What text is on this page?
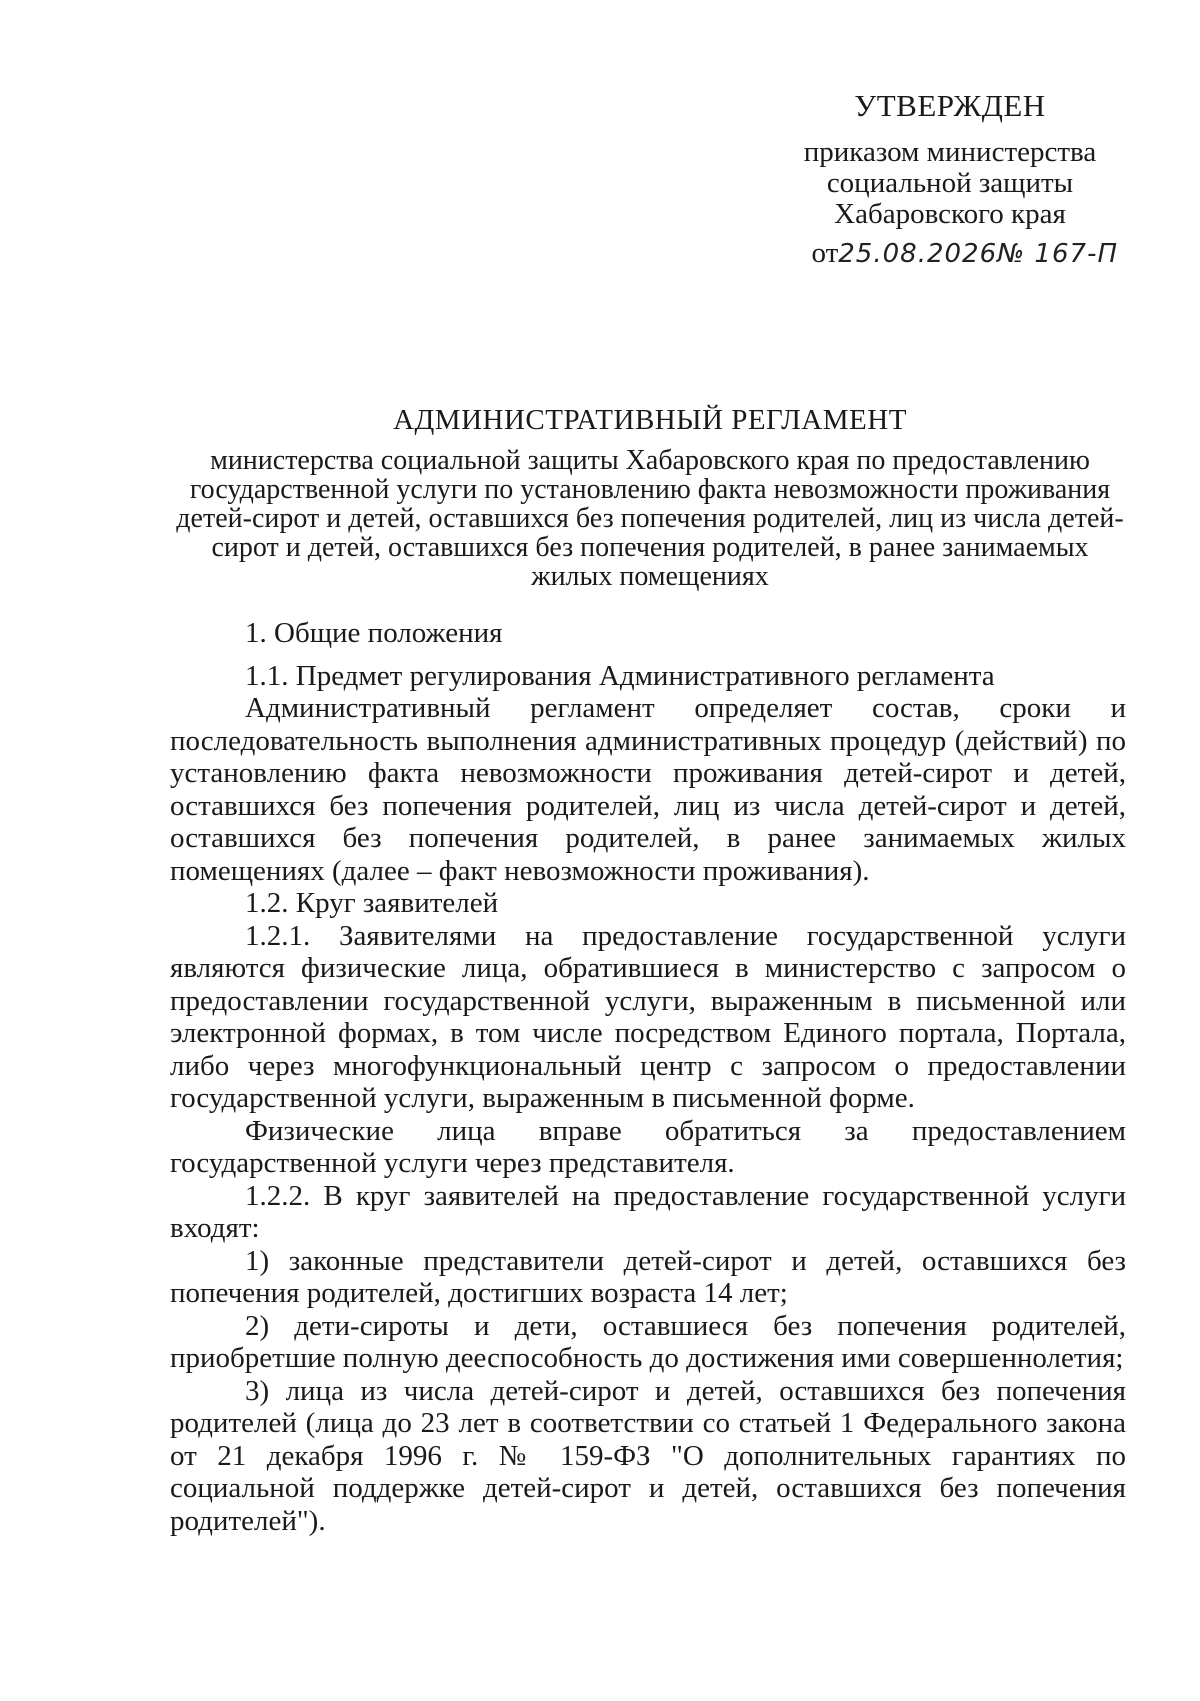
УТВЕРЖДЕН
приказом министерства
социальной защиты
Хабаровского края
от25.08.2026№ 167-П
АДМИНИСТРАТИВНЫЙ РЕГЛАМЕНТ
министерства социальной защиты Хабаровского края по предоставлению государственной услуги по установлению факта невозможности проживания детей-сирот и детей, оставшихся без попечения родителей, лиц из числа детей-сирот и детей, оставшихся без попечения родителей, в ранее занимаемых жилых помещениях

1. Общие положения

1.1. Предмет регулирования Административного регламента

Административный регламент определяет состав, сроки и последовательность выполнения административных процедур (действий) по установлению факта невозможности проживания детей-сирот и детей, оставшихся без попечения родителей, лиц из числа детей-сирот и детей, оставшихся без попечения родителей, в ранее занимаемых жилых помещениях (далее – факт невозможности проживания).

1.2. Круг заявителей

1.2.1. Заявителями на предоставление государственной услуги являются физические лица, обратившиеся в министерство с запросом о предоставлении государственной услуги, выраженным в письменной или электронной формах, в том числе посредством Единого портала, Портала, либо через многофункциональный центр с запросом о предоставлении государственной услуги, выраженным в письменной форме.

Физические лица вправе обратиться за предоставлением государственной услуги через представителя.

1.2.2. В круг заявителей на предоставление государственной услуги входят:

1) законные представители детей-сирот и детей, оставшихся без попечения родителей, достигших возраста 14 лет;

2) дети-сироты и дети, оставшиеся без попечения родителей, приобретшие полную дееспособность до достижения ими совершеннолетия;

3) лица из числа детей-сирот и детей, оставшихся без попечения родителей (лица до 23 лет в соответствии со статьей 1 Федерального закона от 21 декабря 1996 г. № 159-ФЗ "О дополнительных гарантиях по социальной поддержке детей-сирот и детей, оставшихся без попечения родителей").
